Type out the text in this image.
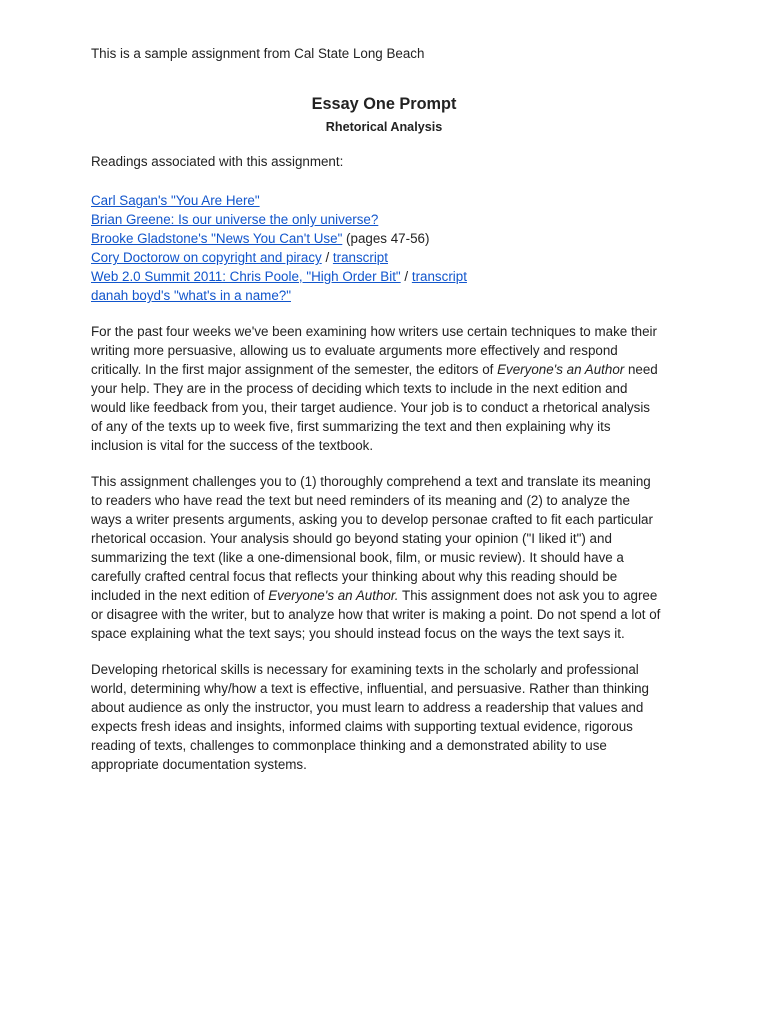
This is a sample assignment from Cal State Long Beach
Essay One Prompt
Rhetorical Analysis
Readings associated with this assignment:
Carl Sagan's "You Are Here"
Brian Greene: Is our universe the only universe?
Brooke Gladstone's "News You Can't Use" (pages 47-56)
Cory Doctorow on copyright and piracy / transcript
Web 2.0 Summit 2011: Chris Poole, "High Order Bit" / transcript
danah boyd's "what's in a name?"
For the past four weeks we've been examining how writers use certain techniques to make their
writing more persuasive, allowing us to evaluate arguments more effectively and respond
critically. In the first major assignment of the semester, the editors of Everyone's an Author need
your help. They are in the process of deciding which texts to include in the next edition and
would like feedback from you, their target audience. Your job is to conduct a rhetorical analysis
of any of the texts up to week five, first summarizing the text and then explaining why its
inclusion is vital for the success of the textbook.
This assignment challenges you to (1) thoroughly comprehend a text and translate its meaning
to readers who have read the text but need reminders of its meaning and (2) to analyze the
ways a writer presents arguments, asking you to develop personae crafted to fit each particular
rhetorical occasion. Your analysis should go beyond stating your opinion ("I liked it") and
summarizing the text (like a one-dimensional book, film, or music review). It should have a
carefully crafted central focus that reflects your thinking about why this reading should be
included in the next edition of Everyone's an Author. This assignment does not ask you to agree
or disagree with the writer, but to analyze how that writer is making a point. Do not spend a lot of
space explaining what the text says; you should instead focus on the ways the text says it.
Developing rhetorical skills is necessary for examining texts in the scholarly and professional
world, determining why/how a text is effective, influential, and persuasive. Rather than thinking
about audience as only the instructor, you must learn to address a readership that values and
expects fresh ideas and insights, informed claims with supporting textual evidence, rigorous
reading of texts, challenges to commonplace thinking and a demonstrated ability to use
appropriate documentation systems.
